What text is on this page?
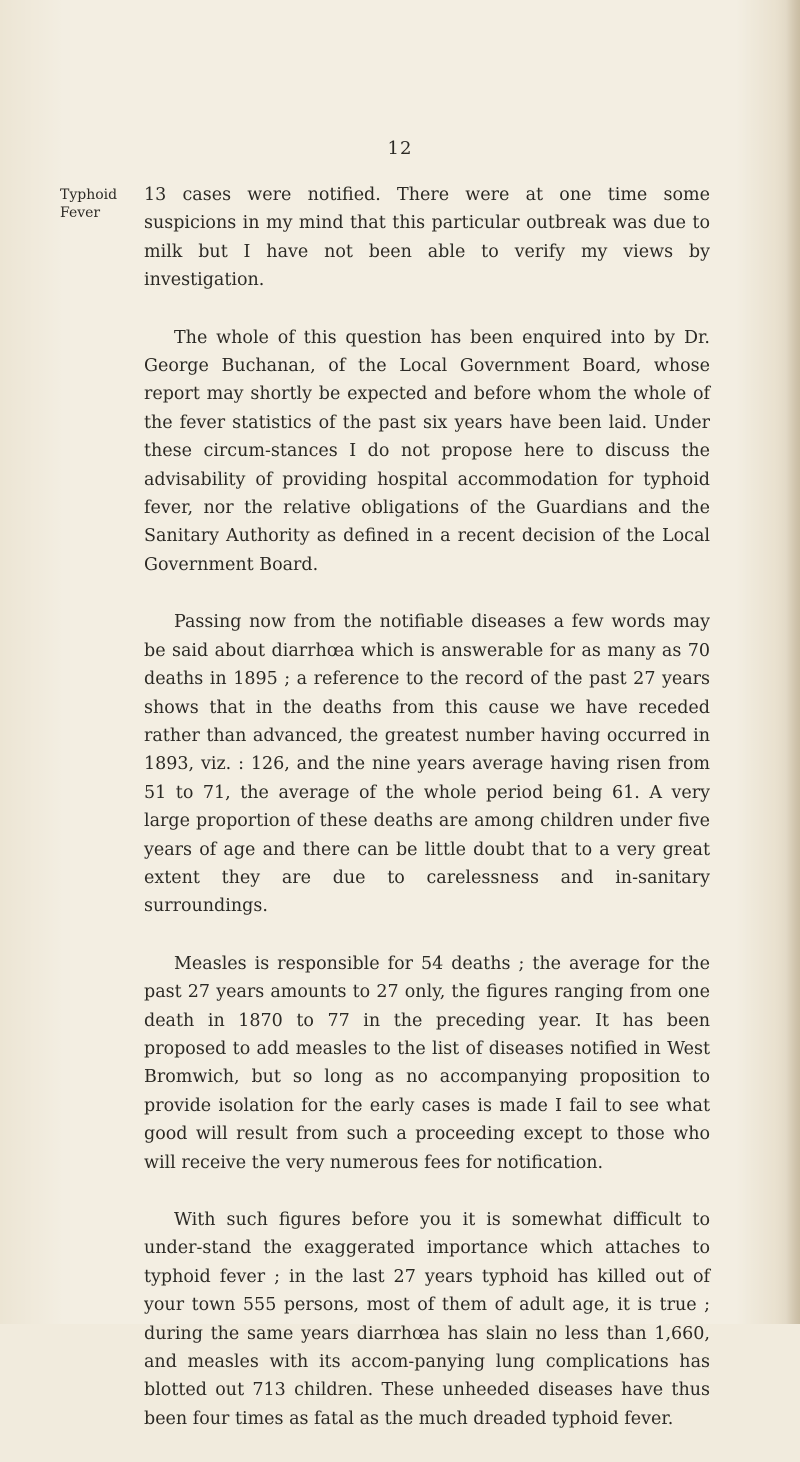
12
Typhoid
Fever

13 cases were notified. There were at one time some suspicions in my mind that this particular outbreak was due to milk but I have not been able to verify my views by investigation.

The whole of this question has been enquired into by Dr. George Buchanan, of the Local Government Board, whose report may shortly be expected and before whom the whole of the fever statistics of the past six years have been laid. Under these circum-stances I do not propose here to discuss the advisability of providing hospital accommodation for typhoid fever, nor the relative obligations of the Guardians and the Sanitary Authority as defined in a recent decision of the Local Government Board.

Passing now from the notifiable diseases a few words may be said about diarrhœa which is answerable for as many as 70 deaths in 1895 ; a reference to the record of the past 27 years shows that in the deaths from this cause we have receded rather than advanced, the greatest number having occurred in 1893, viz. : 126, and the nine years average having risen from 51 to 71, the average of the whole period being 61. A very large proportion of these deaths are among children under five years of age and there can be little doubt that to a very great extent they are due to carelessness and in-sanitary surroundings.

Measles is responsible for 54 deaths ; the average for the past 27 years amounts to 27 only, the figures ranging from one death in 1870 to 77 in the preceding year. It has been proposed to add measles to the list of diseases notified in West Bromwich, but so long as no accompanying proposition to provide isolation for the early cases is made I fail to see what good will result from such a proceeding except to those who will receive the very numerous fees for notification.

With such figures before you it is somewhat difficult to under-stand the exaggerated importance which attaches to typhoid fever ; in the last 27 years typhoid has killed out of your town 555 persons, most of them of adult age, it is true ; during the same years diarrhœa has slain no less than 1,660, and measles with its accom-panying lung complications has blotted out 713 children. These unheeded diseases have thus been four times as fatal as the much dreaded typhoid fever.
